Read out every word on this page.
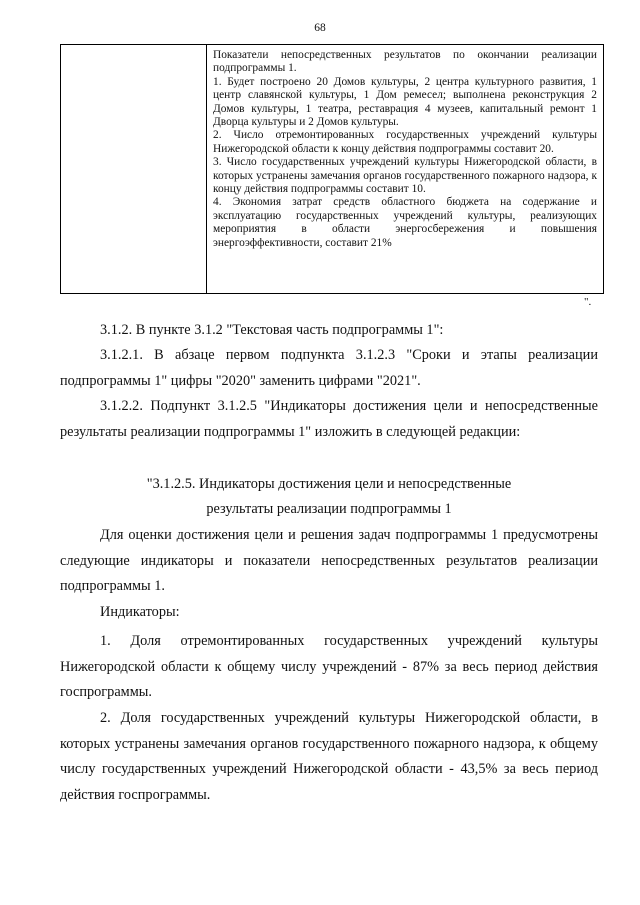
68
Показатели непосредственных результатов по окончании реализации подпрограммы 1.
1. Будет построено 20 Домов культуры, 2 центра культурного развития, 1 центр славянской культуры, 1 Дом ремесел; выполнена реконструкция 2 Домов культуры, 1 театра, реставрация 4 музеев, капитальный ремонт 1 Дворца культуры и 2 Домов культуры.
2. Число отремонтированных государственных учреждений культуры Нижегородской области к концу действия подпрограммы составит 20.
3. Число государственных учреждений культуры Нижегородской области, в которых устранены замечания органов государственного пожарного надзора, к концу действия подпрограммы составит 10.
4. Экономия затрат средств областного бюджета на содержание и эксплуатацию государственных учреждений культуры, реализующих мероприятия в области энергосбережения и повышения энергоэффективности, составит 21%
".
3.1.2. В пункте 3.1.2 "Текстовая часть подпрограммы 1":
3.1.2.1. В абзаце первом подпункта 3.1.2.3 "Сроки и этапы реализации подпрограммы 1" цифры "2020" заменить цифрами "2021".
3.1.2.2. Подпункт 3.1.2.5 "Индикаторы достижения цели и непосредственные результаты реализации подпрограммы 1" изложить в следующей редакции:
"3.1.2.5. Индикаторы достижения цели и непосредственные
результаты реализации подпрограммы 1
Для оценки достижения цели и решения задач подпрограммы 1 предусмотрены следующие индикаторы и показатели непосредственных результатов реализации подпрограммы 1.
Индикаторы:
1. Доля отремонтированных государственных учреждений культуры Нижегородской области к общему числу учреждений - 87% за весь период действия госпрограммы.
2. Доля государственных учреждений культуры Нижегородской области, в которых устранены замечания органов государственного пожарного надзора, к общему числу государственных учреждений Нижегородской области - 43,5% за весь период действия госпрограммы.
